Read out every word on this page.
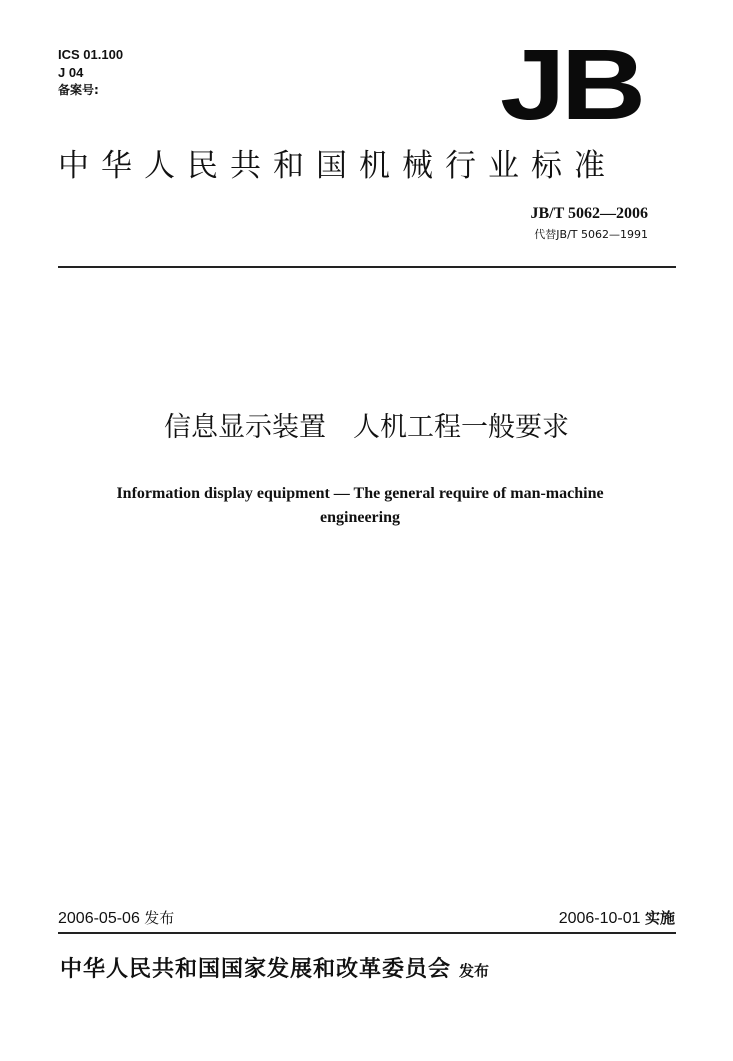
ICS 01.100
J 04
备案号:	JB
中华人民共和国机械行业标准
JB/T 5062—2006
代替JB/T 5062—1991
信息显示装置　人机工程一般要求
Information display equipment — The general require of man-machine
engineering
2006-05-06 发布	2006-10-01 实施
中华人民共和国国家发展和改革委员会 发布
